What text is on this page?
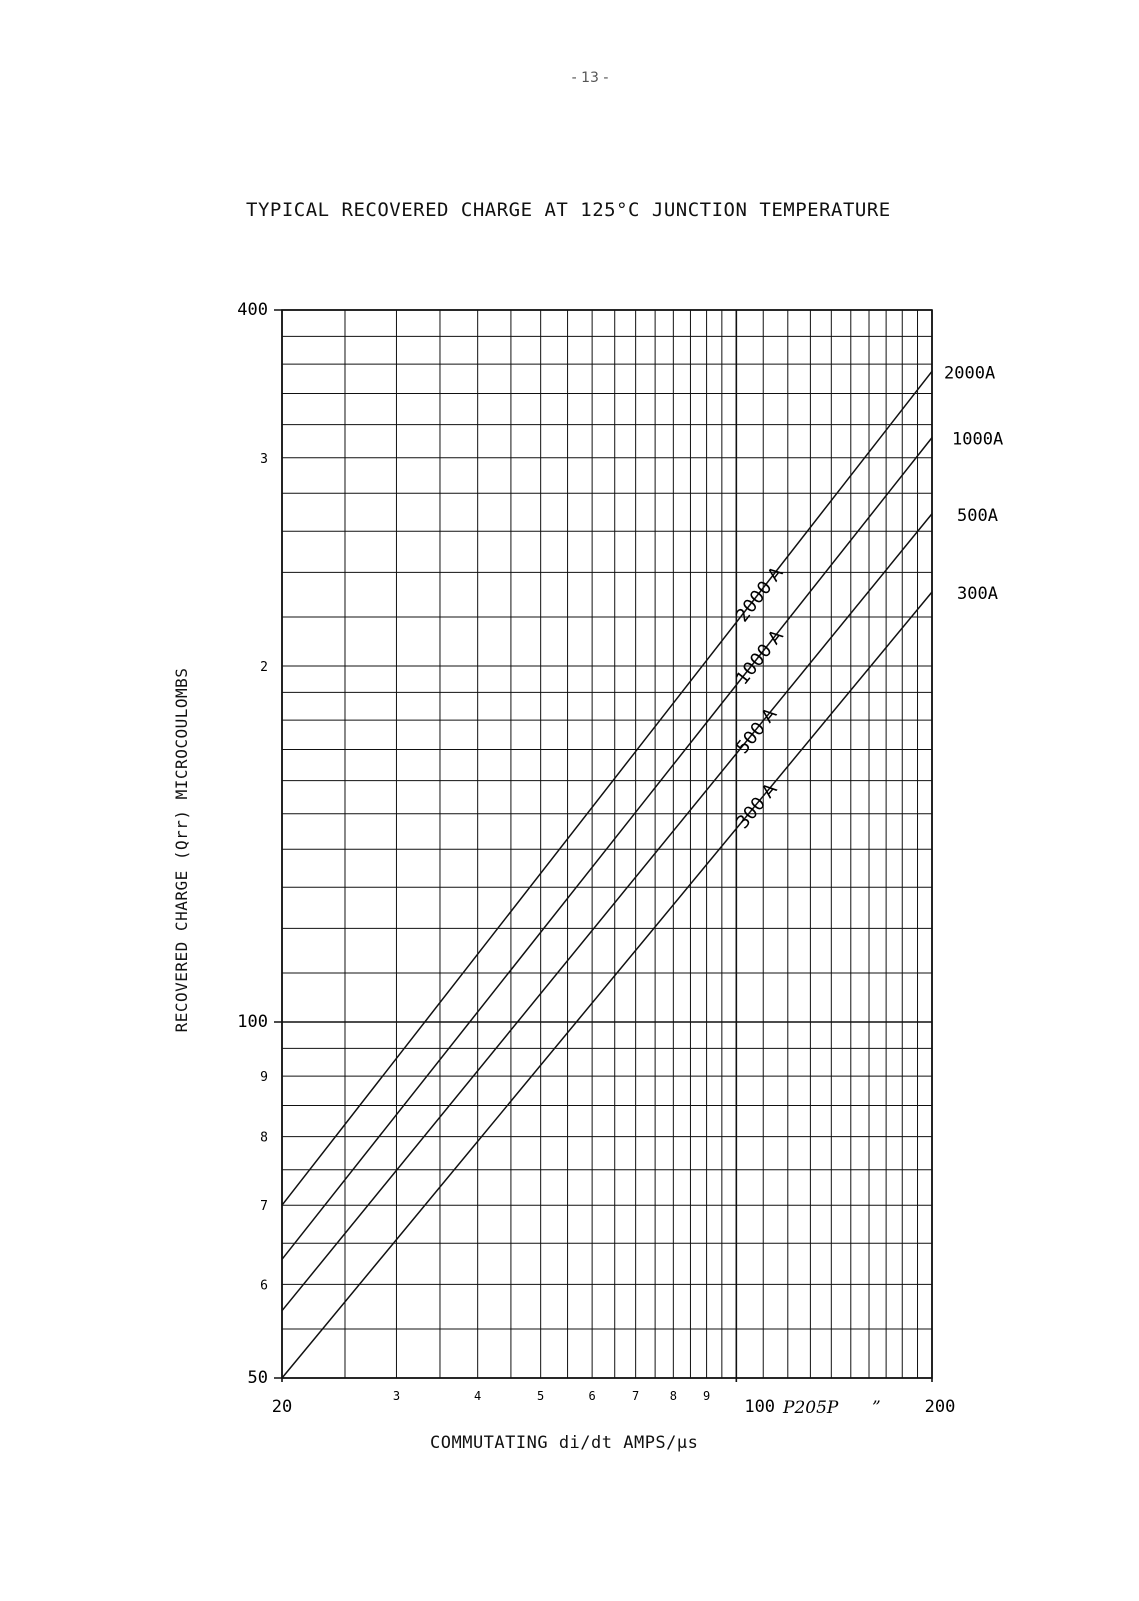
- 13 -
TYPICAL RECOVERED CHARGE AT 125°C JUNCTION TEMPERATURE
RECOVERED CHARGE (Qrr) MICROCOULOMBS
COMMUTATING di/dt AMPS/µs
20
3	4	5	6	7	8 9
100	200
50
6
7
8
9
100
2
3
400
2000A
2000 A
1000A
1000 A
500A
500 A
300A
300 A
P205P ”
